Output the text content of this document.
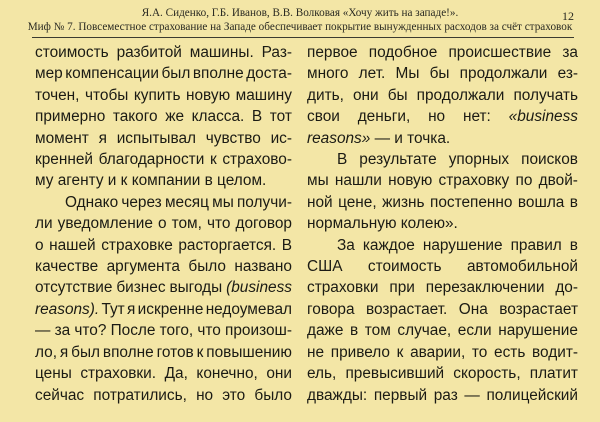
Я.А. Сиденко, Г.Б. Иванов, В.В. Волковая «Хочу жить на западе!».
Миф № 7. Повсеместное страхование на Западе обеспечивает покрытие вынужденных расходов за счёт страховок
12
стоимость разбитой машины. Раз-
мер компенсации был вполне доста-
точен, чтобы купить новую машину
примерно такого же класса. В тот
момент я испытывал чувство ис-
кренней благодарности к страхово-
му агенту и к компании в целом.
Однако через месяц мы получи-
ли уведомление о том, что договор
о нашей страховке расторгается. В
качестве аргумента было названо
отсутствие бизнес выгоды (business
reasons). Тут я искренне недоумевал
— за что? После того, что произош-
ло, я был вполне готов к повышению
цены страховки. Да, конечно, они
сейчас потратились, но это было
первое подобное происшествие за
много лет. Мы бы продолжали ез-
дить, они бы продолжали получать
свои деньги, но нет: «business
reasons» — и точка.
В результате упорных поисков
мы нашли новую страховку по двой-
ной цене, жизнь постепенно вошла в
нормальную колею».
За каждое нарушение правил в
США стоимость автомобильной
страховки при перезаключении до-
говора возрастает. Она возрастает
даже в том случае, если нарушение
не привело к аварии, то есть водит-
ель, превысивший скорость, платит
дважды: первый раз — полицейский
